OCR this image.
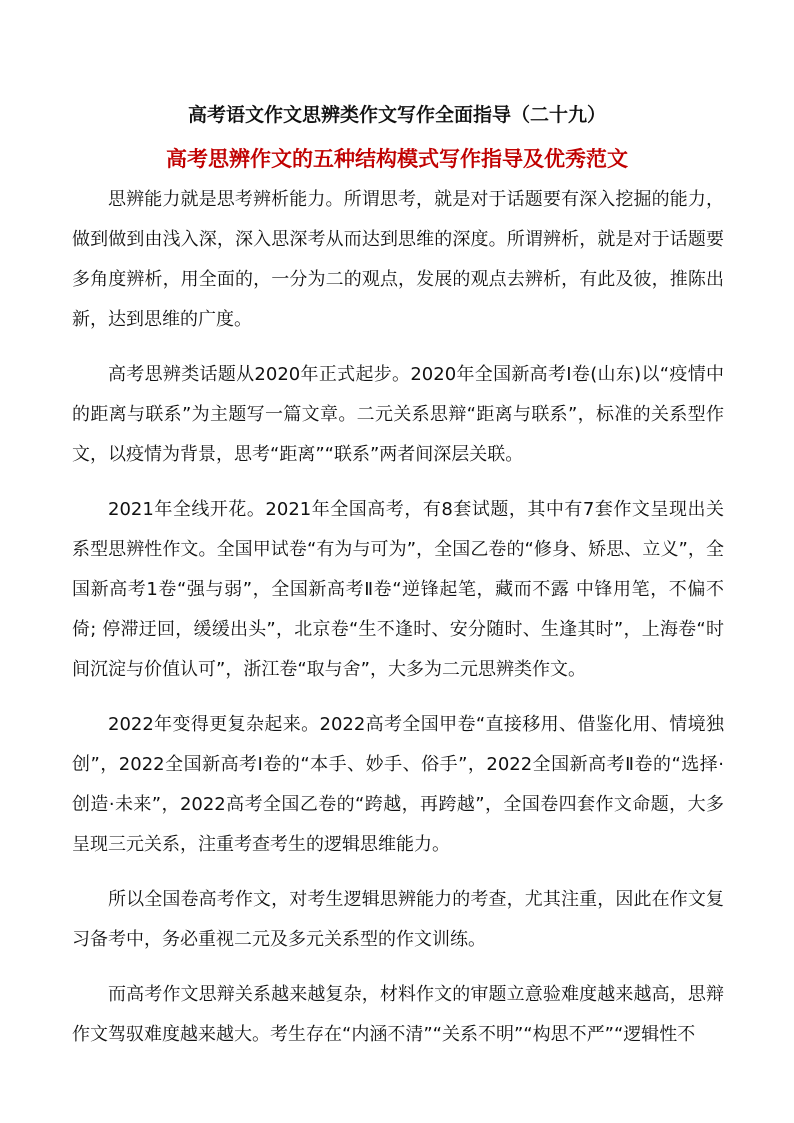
高考语文作文思辨类作文写作全面指导（二十九）
高考思辨作文的五种结构模式写作指导及优秀范文

思辨能力就是思考辨析能力。所谓思考，就是对于话题要有深入挖掘的能力，做到做到由浅入深，深入思深考从而达到思维的深度。所谓辨析，就是对于话题要多角度辨析，用全面的，一分为二的观点，发展的观点去辨析，有此及彼，推陈出新，达到思维的广度。

高考思辨类话题从2020年正式起步。2020年全国新高考Ⅰ卷(山东)以“疫情中的距离与联系”为主题写一篇文章。二元关系思辩“距离与联系”，标准的关系型作文，以疫情为背景，思考“距离”“联系”两者间深层关联。

2021年全线开花。2021年全国高考，有8套试题，其中有7套作文呈现出关系型思辨性作文。全国甲试卷“有为与可为”，全国乙卷的“修身、矫思、立义”，全国新高考1卷“强与弱”，全国新高考Ⅱ卷“逆锋起笔，藏而不露 中锋用笔，不偏不倚; 停滞迂回，缓缓出头”，北京卷“生不逢时、安分随时、生逢其时”，上海卷“时间沉淀与价值认可”，浙江卷“取与舍”，大多为二元思辨类作文。

2022年变得更复杂起来。2022高考全国甲卷“直接移用、借鉴化用、情境独创”，2022全国新高考Ⅰ卷的“本手、妙手、俗手”，2022全国新高考Ⅱ卷的“选择·创造·未来”，2022高考全国乙卷的“跨越，再跨越”，全国卷四套作文命题，大多呈现三元关系，注重考查考生的逻辑思维能力。

所以全国卷高考作文，对考生逻辑思辨能力的考查，尤其注重，因此在作文复习备考中，务必重视二元及多元关系型的作文训练。

而高考作文思辩关系越来越复杂，材料作文的审题立意验难度越来越高，思辩作文驾驭难度越来越大。考生存在“内涵不清”“关系不明”“构思不严”“逻辑性不
